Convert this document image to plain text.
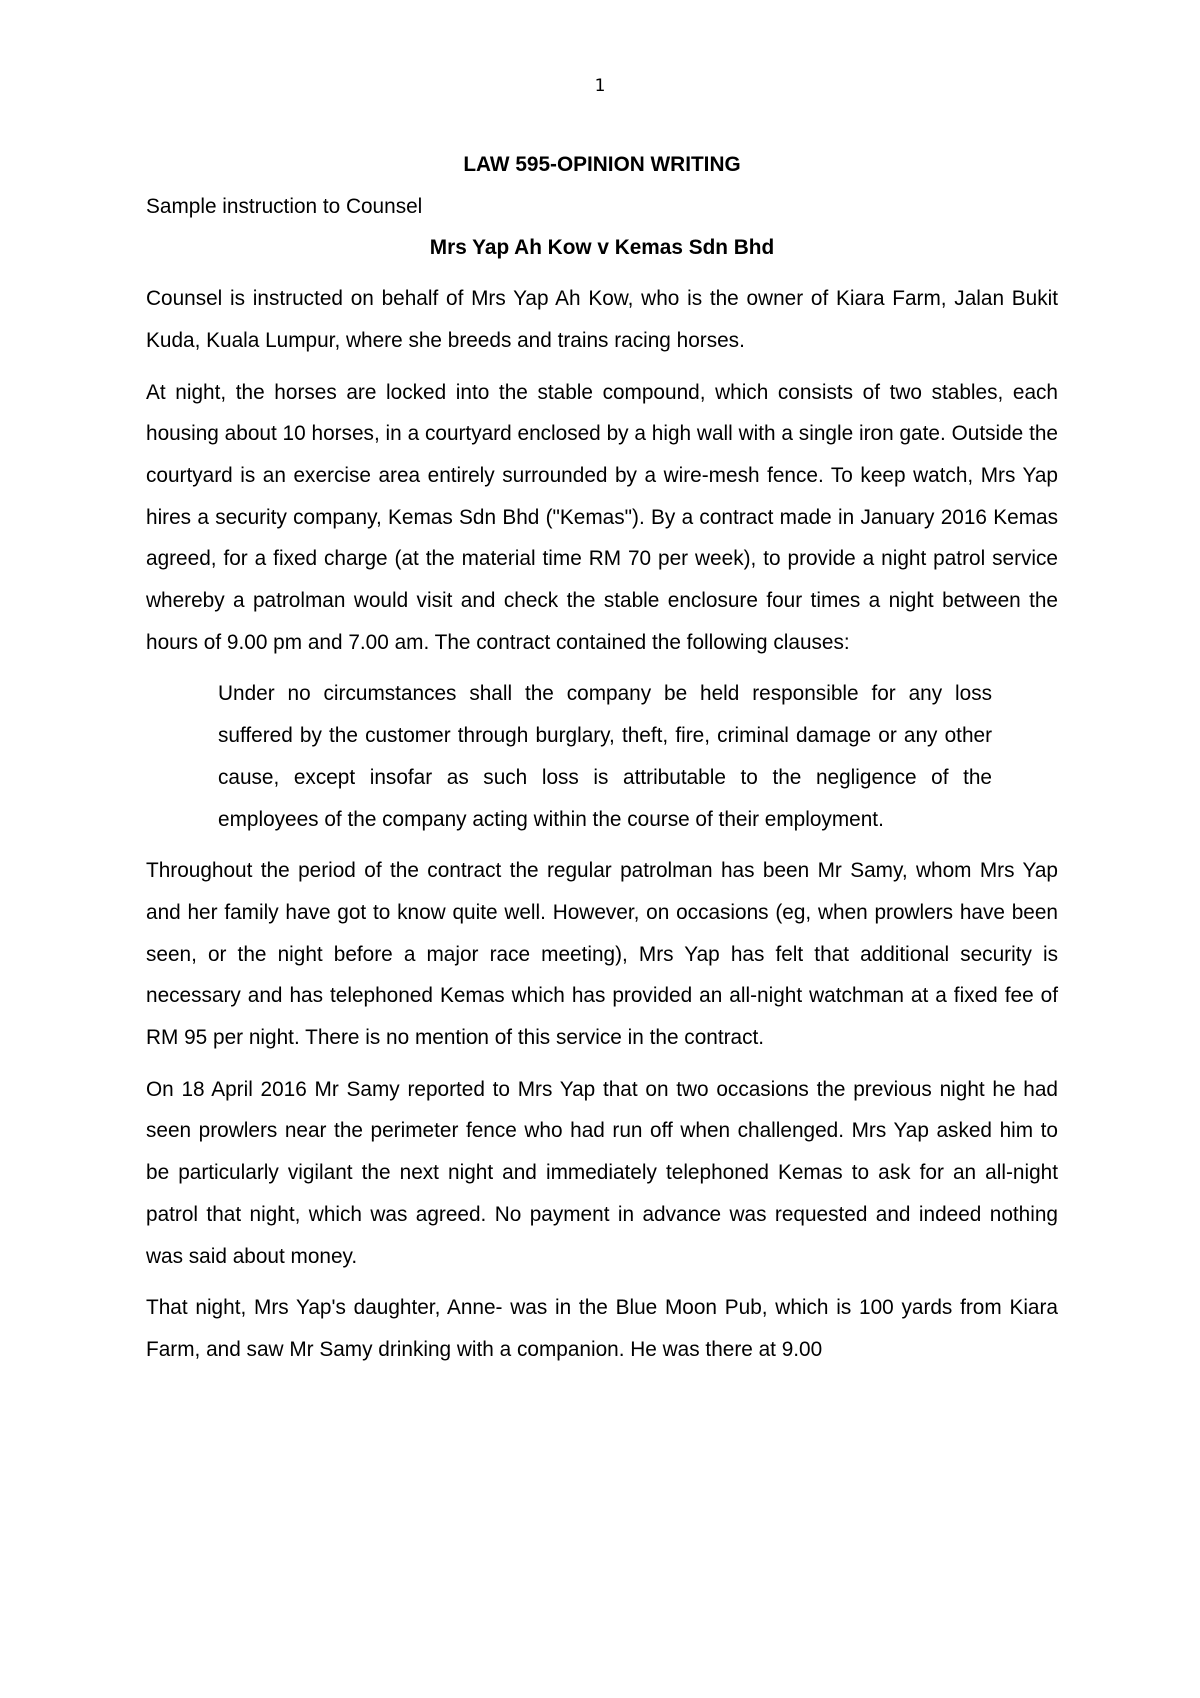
1

LAW 595-OPINION WRITING

Sample instruction to Counsel

Mrs Yap Ah Kow v Kemas Sdn Bhd

Counsel is instructed on behalf of Mrs Yap Ah Kow, who is the owner of Kiara Farm, Jalan Bukit Kuda, Kuala Lumpur, where she breeds and trains racing horses.

At night, the horses are locked into the stable compound, which consists of two stables, each housing about 10 horses, in a courtyard enclosed by a high wall with a single iron gate. Outside the courtyard is an exercise area entirely surrounded by a wire-mesh fence. To keep watch, Mrs Yap hires a security company, Kemas Sdn Bhd ("Kemas"). By a contract made in January 2016 Kemas agreed, for a fixed charge (at the material time RM 70 per week), to provide a night patrol service whereby a patrolman would visit and check the stable enclosure four times a night between the hours of 9.00 pm and 7.00 am. The contract contained the following clauses:

Under no circumstances shall the company be held responsible for any loss suffered by the customer through burglary, theft, fire, criminal damage or any other cause, except insofar as such loss is attributable to the negligence of the employees of the company acting within the course of their employment.

Throughout the period of the contract the regular patrolman has been Mr Samy, whom Mrs Yap and her family have got to know quite well. However, on occasions (eg, when prowlers have been seen, or the night before a major race meeting), Mrs Yap has felt that additional security is necessary and has telephoned Kemas which has provided an all-night watchman at a fixed fee of RM 95 per night. There is no mention of this service in the contract.

On 18 April 2016 Mr Samy reported to Mrs Yap that on two occasions the previous night he had seen prowlers near the perimeter fence who had run off when challenged. Mrs Yap asked him to be particularly vigilant the next night and immediately telephoned Kemas to ask for an all-night patrol that night, which was agreed. No payment in advance was requested and indeed nothing was said about money.

That night, Mrs Yap's daughter, Anne- was in the Blue Moon Pub, which is 100 yards from Kiara Farm, and saw Mr Samy drinking with a companion. He was there at 9.00
